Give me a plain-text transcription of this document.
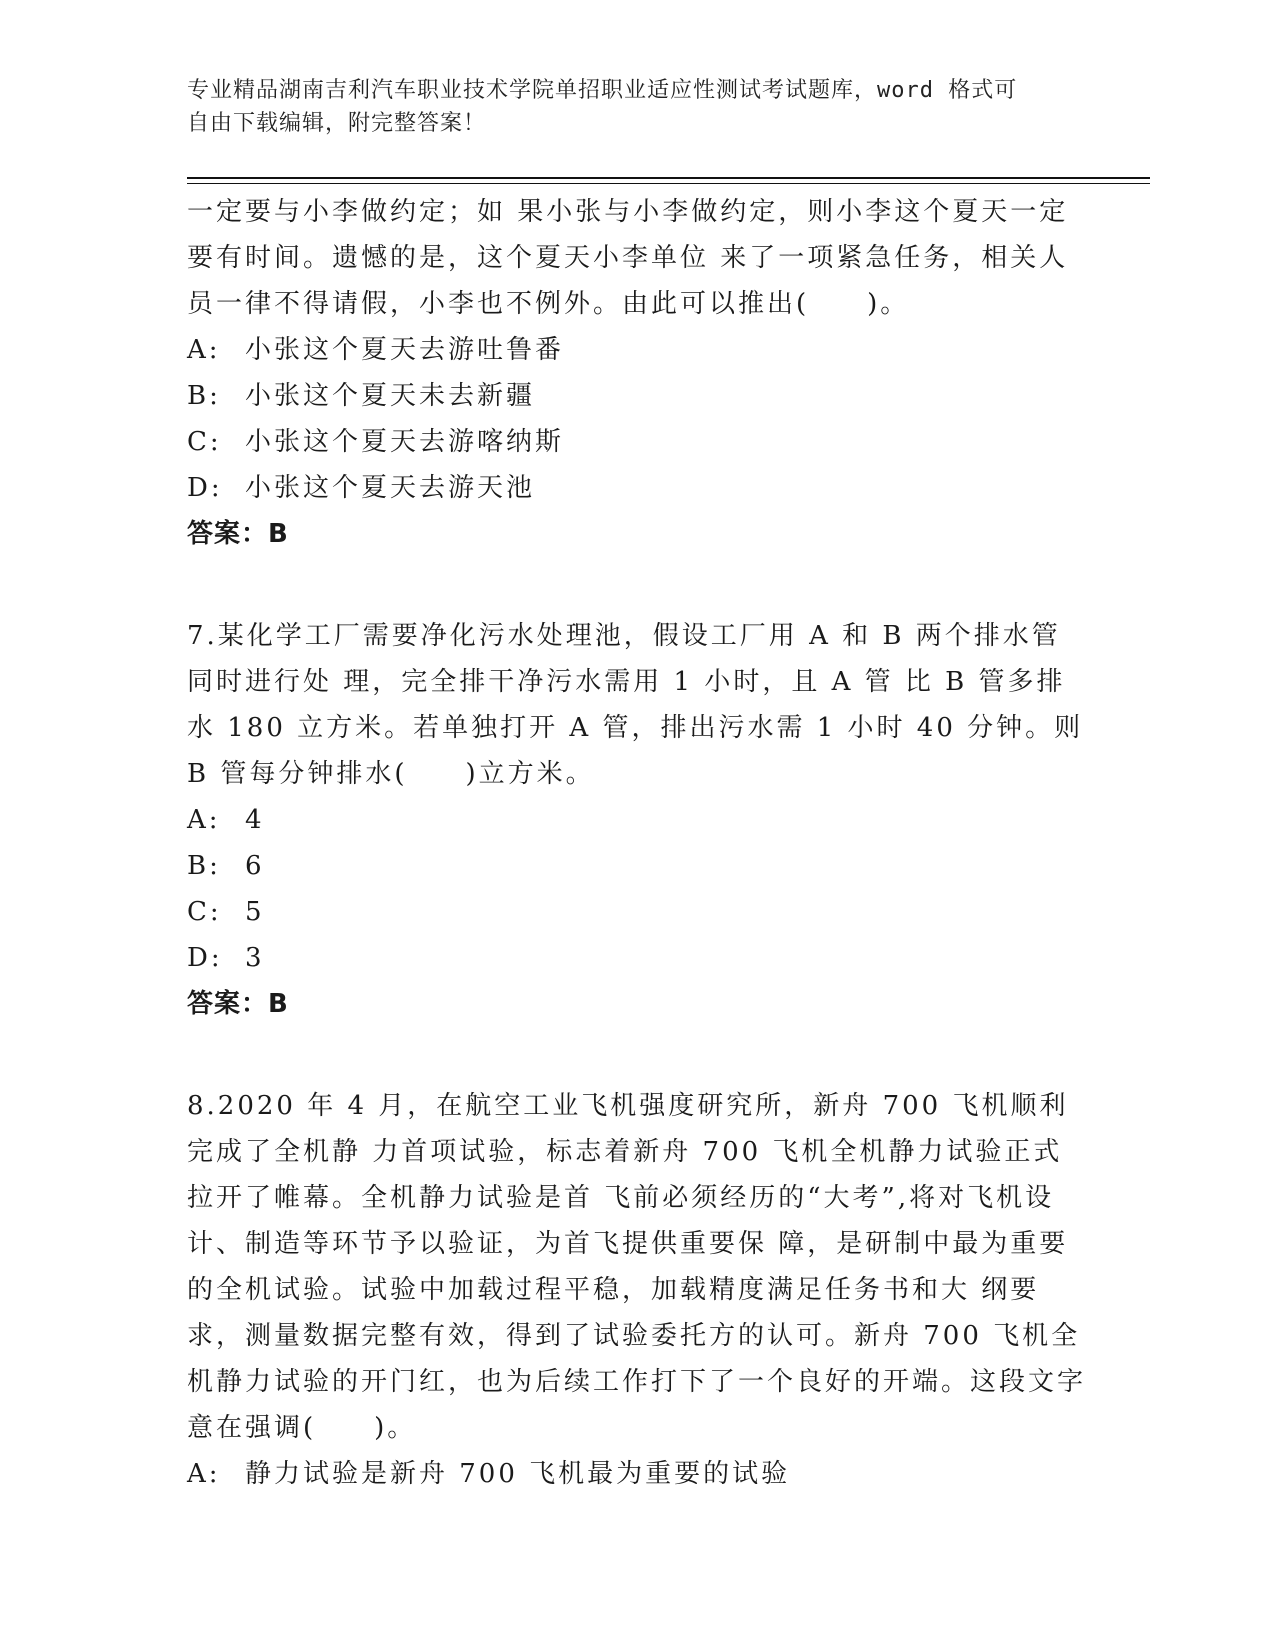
专业精品湖南吉利汽车职业技术学院单招职业适应性测试考试题库，word 格式可
自由下载编辑，附完整答案！

一定要与小李做约定；如 果小张与小李做约定，则小李这个夏天一定要有时间。遗憾的是，这个夏天小李单位 来了一项紧急任务，相关人员一律不得请假，小李也不例外。由此可以推出(　　)。

A: 小张这个夏天去游吐鲁番
B: 小张这个夏天未去新疆
C: 小张这个夏天去游喀纳斯
D: 小张这个夏天去游天池

答案：B

7.某化学工厂需要净化污水处理池，假设工厂用 A 和 B 两个排水管同时进行处 理，完全排干净污水需用 1 小时，且 A 管 比 B 管多排水 180 立方米。若单独打开 A 管，排出污水需 1 小时 40 分钟。则 B 管每分钟排水(　　)立方米。

A: 4
B: 6
C: 5
D: 3

答案：B

8.2020 年 4 月，在航空工业飞机强度研究所，新舟 700 飞机顺利完成了全机静 力首项试验，标志着新舟 700 飞机全机静力试验正式拉开了帷幕。全机静力试验是首 飞前必须经历的“大考”,将对飞机设计、制造等环节予以验证，为首飞提供重要保 障，是研制中最为重要的全机试验。试验中加载过程平稳，加载精度满足任务书和大 纲要求，测量数据完整有效，得到了试验委托方的认可。新舟 700 飞机全机静力试验的开门红，也为后续工作打下了一个良好的开端。这段文字意在强调(　　)。

A: 静力试验是新舟 700 飞机最为重要的试验
